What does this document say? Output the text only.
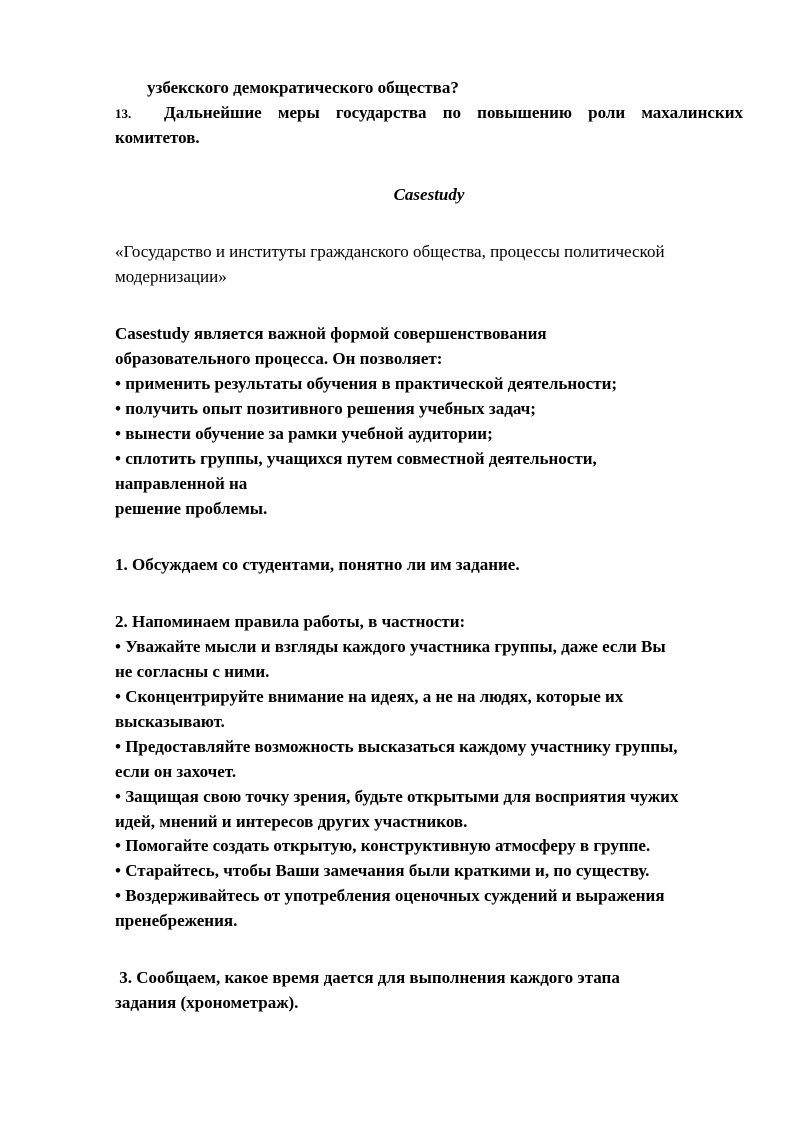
узбекского демократического общества?
13. Дальнейшие меры государства по повышению роли махалинских
комитетов.
Casestudy
«Государство и институты гражданского общества, процессы политической
модернизации»
Casestudy является важной формой совершенствования
образовательного процесса. Он позволяет:
• применить результаты обучения в практической деятельности;
• получить опыт позитивного решения учебных задач;
• вынести обучение за рамки учебной аудитории;
• сплотить группы, учащихся путем совместной деятельности,
направленной на
решение проблемы.
1. Обсуждаем со студентами, понятно ли им задание.
2. Напоминаем правила работы, в частности:
• Уважайте мысли и взгляды каждого участника группы, даже если Вы
не согласны с ними.
• Сконцентрируйте внимание на идеях, а не на людях, которые их
высказывают.
• Предоставляйте возможность высказаться каждому участнику группы,
если он захочет.
• Защищая свою точку зрения, будьте открытыми для восприятия чужих
идей, мнений и интересов других участников.
• Помогайте создать открытую, конструктивную атмосферу в группе.
• Старайтесь, чтобы Ваши замечания были краткими и, по существу.
• Воздерживайтесь от употребления оценочных суждений и выражения
пренебрежения.
3. Сообщаем, какое время дается для выполнения каждого этапа
задания (хронометраж).
